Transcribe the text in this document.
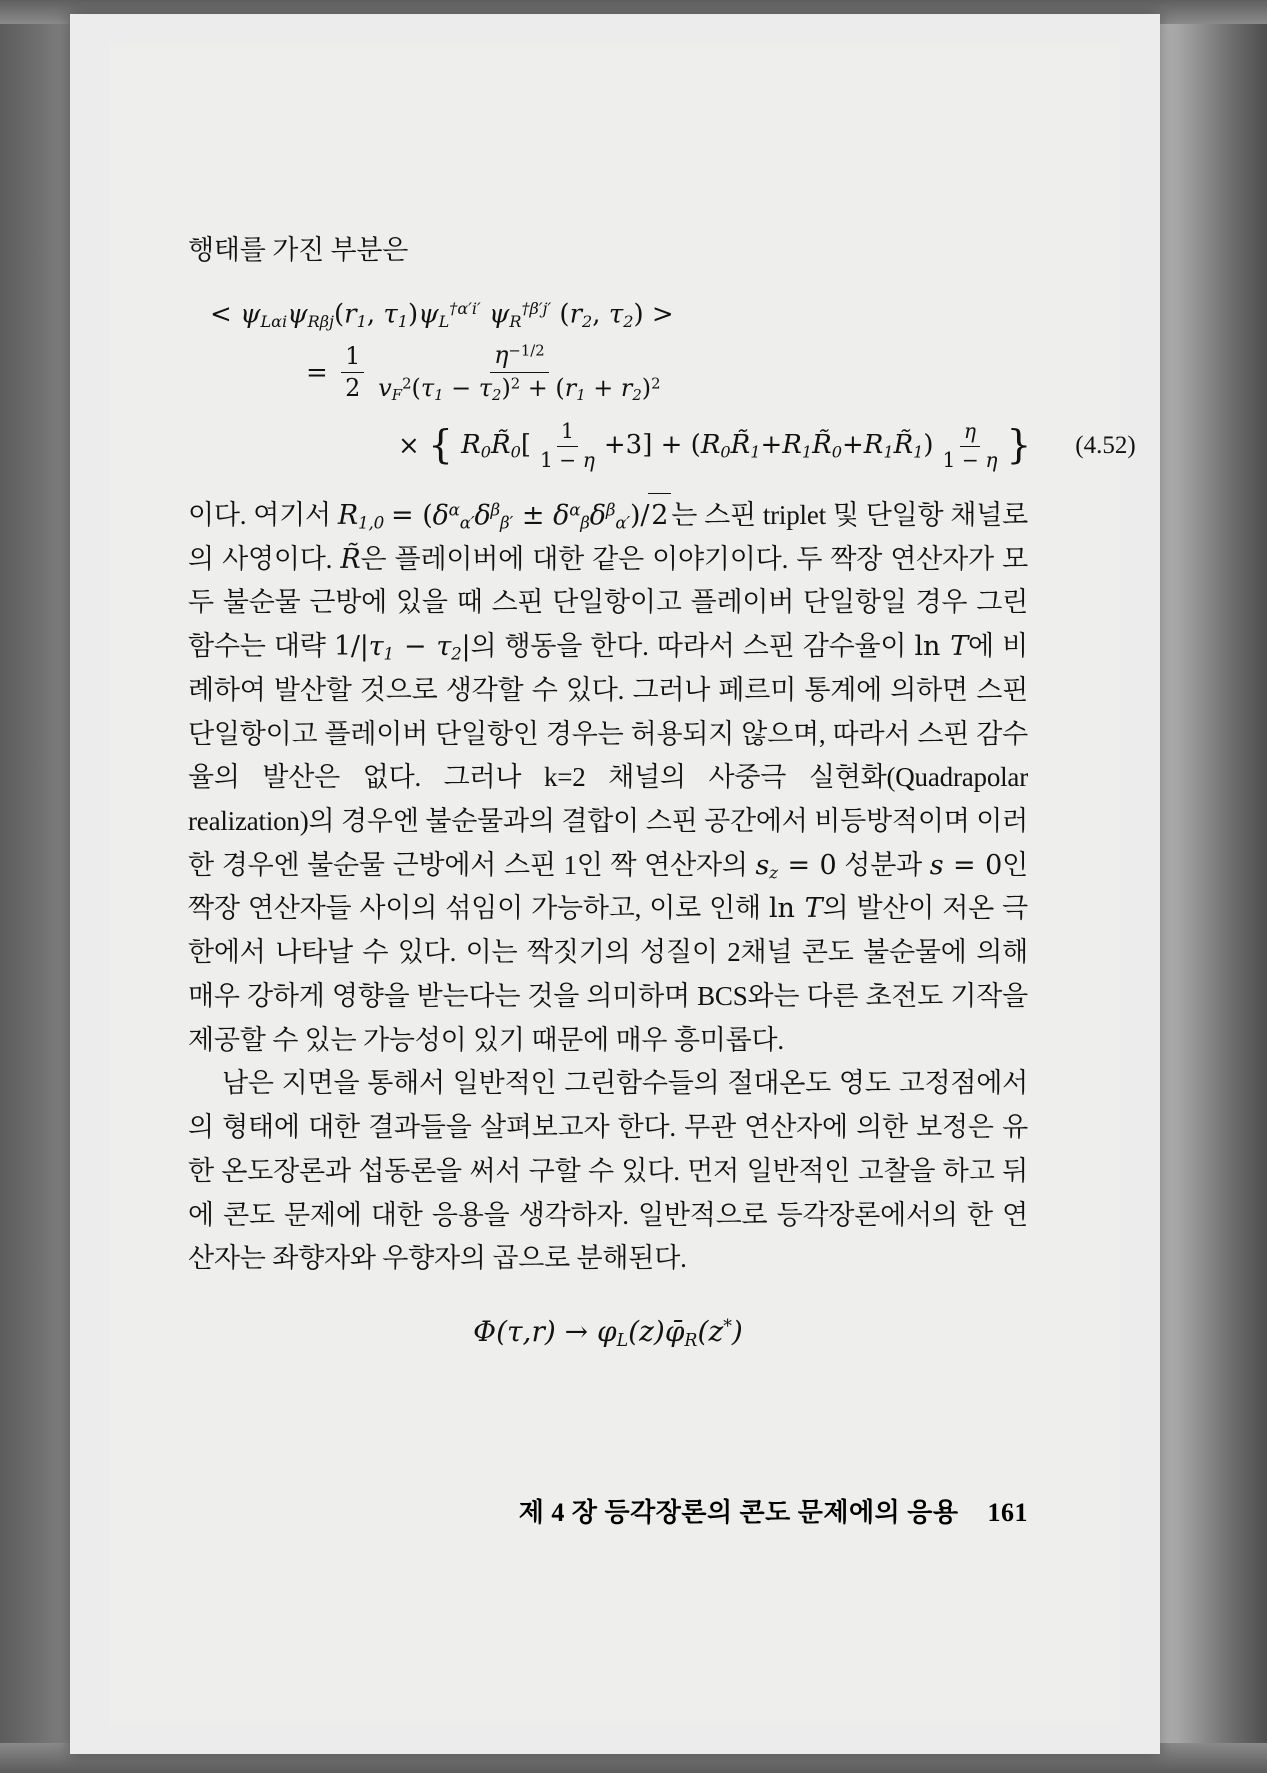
행태를 가진 부분은

< $\psi_{L\alpha i}\psi_{R\beta j}(r_1$, $\tau_1)\psi_L^{\dagger\alpha'i'}$ $\psi_R^{\dagger\beta'j'}$ ($r_2$, $\tau_2$) >
= $\frac{1}{2} \frac{\eta^{-1/2}}{v_F^2(\tau_1 - \tau_2)^2 + (r_1 + r_2)^2}$
× { $R_0R̃_0[ \frac{1}{1 - \eta} +3]$ + $(R_0R̃_1+R_1R̃_0+R_1R̃_1) \frac{\eta}{1 - \eta}$ } (4.52)

이다. 여기서 $R_{1,0} = (\delta^\alpha_{\alpha'}\delta^\beta_{\beta'} \pm \delta^\alpha_\beta\delta^\beta_{\alpha'})/2$ 는 스핀 triplet 및 단일항 채널로의 사영이다. R̃은 플레이버에 대한 같은 이야기이다. 두 짝장 연산자가 모두 불순물 근방에 있을 때 스핀 단일항이고 플레이버 단일항일 경우 그린함수는 대략 $1/|\tau_1 - \tau_2|$의 행동을 한다. 따라서 스핀 감수율이 ln T에 비례하여 발산할 것으로 생각할 수 있다. 그러나 페르미 통계에 의하면 스핀 단일항이고 플레이버 단일항인 경우는 허용되지 않으며, 따라서 스핀 감수율의 발산은 없다. 그러나 k=2 채널의 사중극 실현화(Quadrapolar realization)의 경우엔 불순물과의 결합이 스핀 공간에서 비등방적이며 이러한 경우엔 불순물 근방에서 스핀 1인 짝 연산자의 $s_z = 0$ 성분과 s = 0인 짝장 연산자들 사이의 섞임이 가능하고, 이로 인해 ln T의 발산이 저온 극한에서 나타날 수 있다. 이는 짝짓기의 성질이 2채널 콘도 불순물에 의해 매우 강하게 영향을 받는다는 것을 의미하며 BCS와는 다른 초전도 기작을 제공할 수 있는 가능성이 있기 때문에 매우 흥미롭다.

남은 지면을 통해서 일반적인 그린함수들의 절대온도 영도 고정점에서의 형태에 대한 결과들을 살펴보고자 한다. 무관 연산자에 의한 보정은 유한 온도장론과 섭동론을 써서 구할 수 있다. 먼저 일반적인 고찰을 하고 뒤에 콘도 문제에 대한 응용을 생각하자. 일반적으로 등각장론에서의 한 연산자는 좌향자와 우향자의 곱으로 분해된다.

$\Phi(\tau,r) \to \varphi_L(z)\varphī_R(z^*)$
제 4 장 등각장론의 콘도 문제에의 응용 161
